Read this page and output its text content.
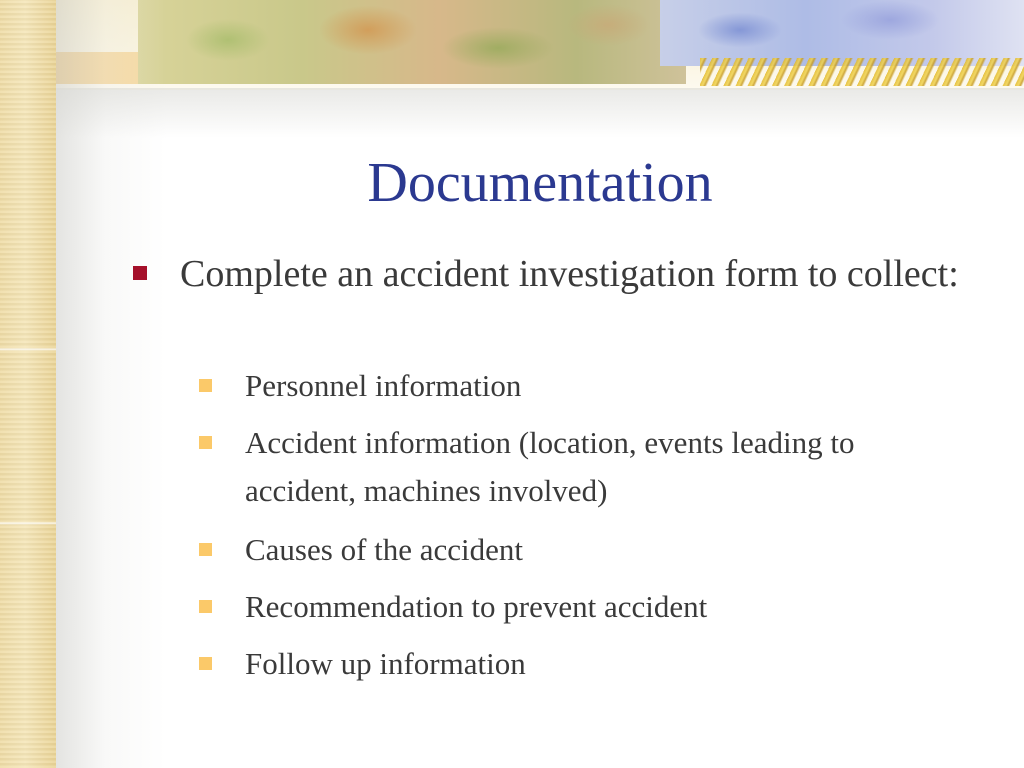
Documentation
Complete an accident investigation form to collect:
Personnel information
Accident information (location, events leading to accident, machines involved)
Causes of the accident
Recommendation to prevent accident
Follow up information
